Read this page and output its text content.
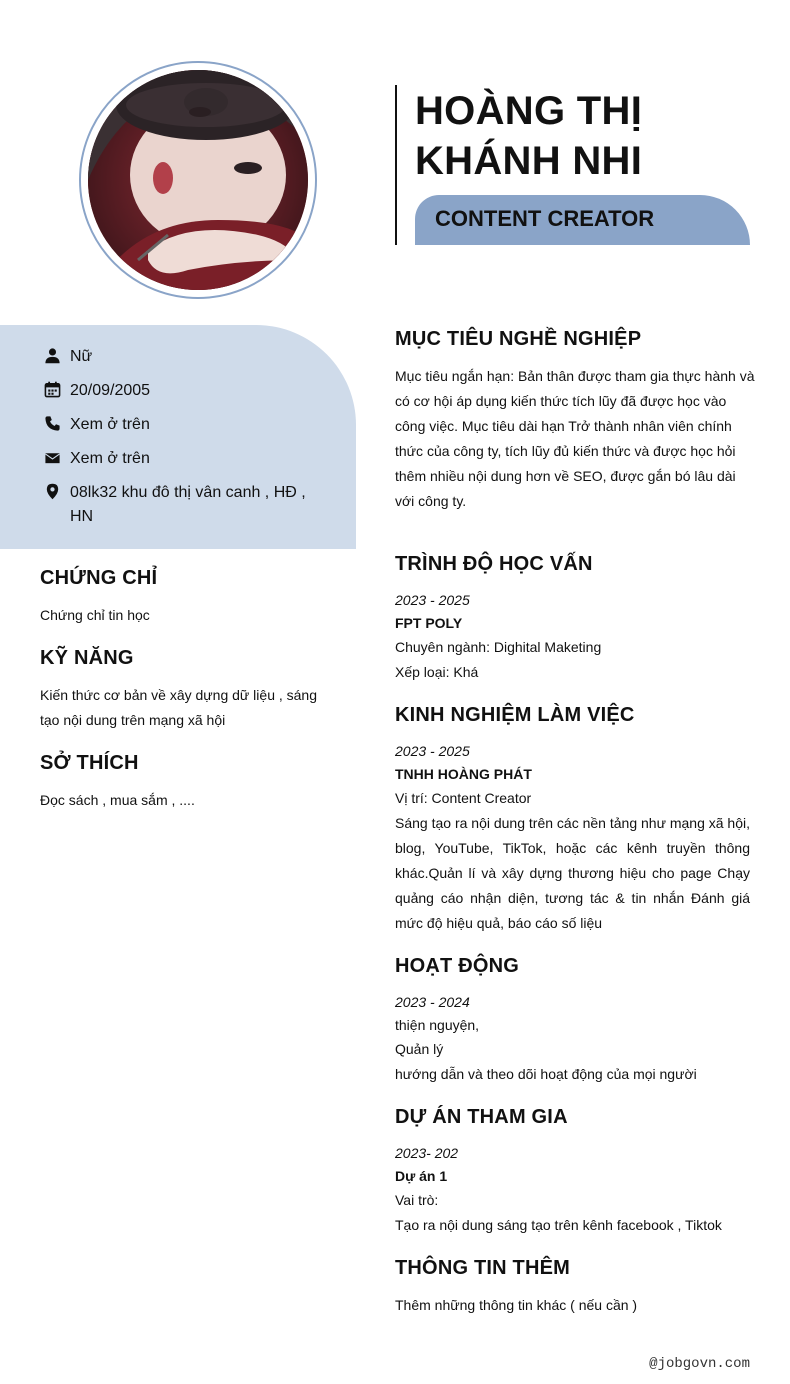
HOÀNG THỊ
KHÁNH NHI
CONTENT CREATOR
Nữ
20/09/2005
Xem ở trên
Xem ở trên
08lk32 khu đô thị vân canh , HĐ , HN
CHỨNG CHỈ
Chứng chỉ tin học
KỸ NĂNG
Kiến thức cơ bản về xây dựng dữ liệu , sáng tạo nội dung trên mạng xã hội
SỞ THÍCH
Đọc sách , mua sắm , ....
MỤC TIÊU NGHỀ NGHIỆP
Mục tiêu ngắn hạn: Bản thân được tham gia thực hành và có cơ hội áp dụng kiến thức tích lũy đã được học vào công việc. Mục tiêu dài hạn Trở thành nhân viên chính thức của công ty, tích lũy đủ kiến thức và được học hỏi thêm nhiều nội dung hơn về SEO, được gắn bó lâu dài với công ty.
TRÌNH ĐỘ HỌC VẤN
2023 - 2025
FPT POLY
Chuyên ngành: Dighital Maketing
Xếp loại: Khá
KINH NGHIỆM LÀM VIỆC
2023 - 2025
TNHH HOÀNG PHÁT
Vị trí: Content Creator
Sáng tạo ra nội dung trên các nền tảng như mạng xã hội, blog, YouTube, TikTok, hoặc các kênh truyền thông khác.Quản lí và xây dựng thương hiệu cho page Chạy quảng cáo nhận diện, tương tác & tin nhắn Đánh giá mức độ hiệu quả, báo cáo số liệu
HOẠT ĐỘNG
2023 - 2024
thiện nguyện,
Quản lý
hướng dẫn và theo dõi hoạt động của mọi người
DỰ ÁN THAM GIA
2023- 202
Dự án 1
Vai trò:
Tạo ra nội dung sáng tạo trên kênh facebook , Tiktok
THÔNG TIN THÊM
Thêm những thông tin khác ( nếu cần )
@jobgovn.com
